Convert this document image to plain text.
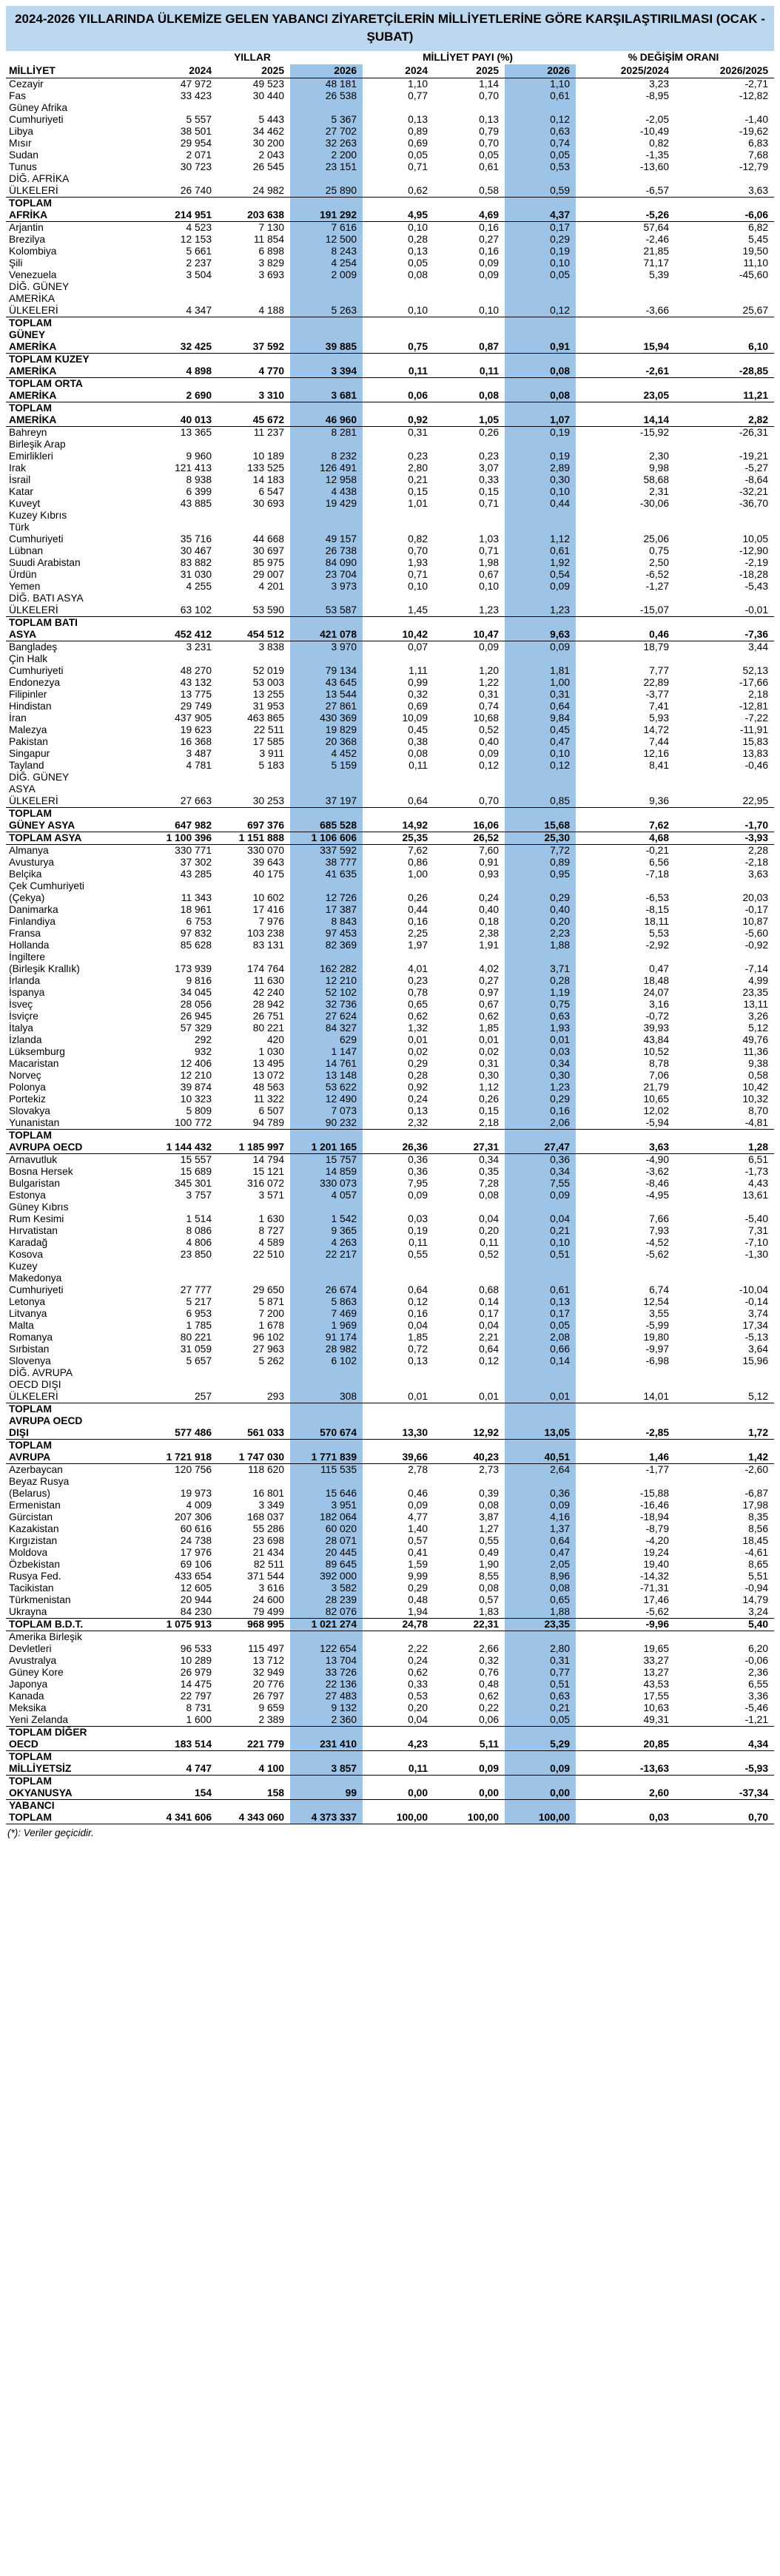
2024-2026 YILLARINDA ÜLKEMİZE GELEN YABANCI ZİYARETÇİLERİN MİLLİYETLERİNE GÖRE KARŞILAŞTIRILMASI (OCAK - ŞUBAT)
	YILLAR			MİLLİYET PAYI (%)			% DEĞİŞİM ORANI	
MİLLİYET	2024	2025	2026	2024	2025	2026	2025/2024	2026/2025
Cezayir	47 972	49 523	48 181	1,10	1,14	1,10	3,23	-2,71
Fas	33 423	30 440	26 538	0,77	0,70	0,61	-8,95	-12,82
Güney Afrika
Cumhuriyeti	5 557	5 443	5 367	0,13	0,13	0,12	-2,05	-1,40
Libya	38 501	34 462	27 702	0,89	0,79	0,63	-10,49	-19,62
Mısır	29 954	30 200	32 263	0,69	0,70	0,74	0,82	6,83
Sudan	2 071	2 043	2 200	0,05	0,05	0,05	-1,35	7,68
Tunus	30 723	26 545	23 151	0,71	0,61	0,53	-13,60	-12,79
DİĞ. AFRİKA
ÜLKELERİ	26 740	24 982	25 890	0,62	0,58	0,59	-6,57	3,63
TOPLAM
AFRİKA	214 951	203 638	191 292	4,95	4,69	4,37	-5,26	-6,06
Arjantin	4 523	7 130	7 616	0,10	0,16	0,17	57,64	6,82
Brezilya	12 153	11 854	12 500	0,28	0,27	0,29	-2,46	5,45
Kolombiya	5 661	6 898	8 243	0,13	0,16	0,19	21,85	19,50
Şili	2 237	3 829	4 254	0,05	0,09	0,10	71,17	11,10
Venezuela	3 504	3 693	2 009	0,08	0,09	0,05	5,39	-45,60
DİĞ. GÜNEY
AMERİKA
ÜLKELERİ	4 347	4 188	5 263	0,10	0,10	0,12	-3,66	25,67
TOPLAM
GÜNEY
AMERİKA	32 425	37 592	39 885	0,75	0,87	0,91	15,94	6,10
TOPLAM KUZEY
AMERİKA	4 898	4 770	3 394	0,11	0,11	0,08	-2,61	-28,85
TOPLAM ORTA
AMERİKA	2 690	3 310	3 681	0,06	0,08	0,08	23,05	11,21
TOPLAM
AMERİKA	40 013	45 672	46 960	0,92	1,05	1,07	14,14	2,82
Bahreyn	13 365	11 237	8 281	0,31	0,26	0,19	-15,92	-26,31
Birleşik Arap
Emirlikleri	9 960	10 189	8 232	0,23	0,23	0,19	2,30	-19,21
Irak	121 413	133 525	126 491	2,80	3,07	2,89	9,98	-5,27
İsrail	8 938	14 183	12 958	0,21	0,33	0,30	58,68	-8,64
Katar	6 399	6 547	4 438	0,15	0,15	0,10	2,31	-32,21
Kuveyt	43 885	30 693	19 429	1,01	0,71	0,44	-30,06	-36,70
Kuzey Kıbrıs
Türk
Cumhuriyeti	35 716	44 668	49 157	0,82	1,03	1,12	25,06	10,05
Lübnan	30 467	30 697	26 738	0,70	0,71	0,61	0,75	-12,90
Suudi Arabistan	83 882	85 975	84 090	1,93	1,98	1,92	2,50	-2,19
Ürdün	31 030	29 007	23 704	0,71	0,67	0,54	-6,52	-18,28
Yemen	4 255	4 201	3 973	0,10	0,10	0,09	-1,27	-5,43
DİĞ. BATI ASYA
ÜLKELERİ	63 102	53 590	53 587	1,45	1,23	1,23	-15,07	-0,01
TOPLAM BATI
ASYA	452 412	454 512	421 078	10,42	10,47	9,63	0,46	-7,36
Bangladeş	3 231	3 838	3 970	0,07	0,09	0,09	18,79	3,44
Çin Halk
Cumhuriyeti	48 270	52 019	79 134	1,11	1,20	1,81	7,77	52,13
Endonezya	43 132	53 003	43 645	0,99	1,22	1,00	22,89	-17,66
Filipinler	13 775	13 255	13 544	0,32	0,31	0,31	-3,77	2,18
Hindistan	29 749	31 953	27 861	0,69	0,74	0,64	7,41	-12,81
İran	437 905	463 865	430 369	10,09	10,68	9,84	5,93	-7,22
Malezya	19 623	22 511	19 829	0,45	0,52	0,45	14,72	-11,91
Pakistan	16 368	17 585	20 368	0,38	0,40	0,47	7,44	15,83
Singapur	3 487	3 911	4 452	0,08	0,09	0,10	12,16	13,83
Tayland	4 781	5 183	5 159	0,11	0,12	0,12	8,41	-0,46
DİĞ. GÜNEY
ASYA
ÜLKELERİ	27 663	30 253	37 197	0,64	0,70	0,85	9,36	22,95
TOPLAM
GÜNEY ASYA	647 982	697 376	685 528	14,92	16,06	15,68	7,62	-1,70
TOPLAM ASYA	1 100 396	1 151 888	1 106 606	25,35	26,52	25,30	4,68	-3,93
Almanya	330 771	330 070	337 592	7,62	7,60	7,72	-0,21	2,28
Avusturya	37 302	39 643	38 777	0,86	0,91	0,89	6,56	-2,18
Belçika	43 285	40 175	41 635	1,00	0,93	0,95	-7,18	3,63
Çek Cumhuriyeti
(Çekya)	11 343	10 602	12 726	0,26	0,24	0,29	-6,53	20,03
Danimarka	18 961	17 416	17 387	0,44	0,40	0,40	-8,15	-0,17
Finlandiya	6 753	7 976	8 843	0,16	0,18	0,20	18,11	10,87
Fransa	97 832	103 238	97 453	2,25	2,38	2,23	5,53	-5,60
Hollanda	85 628	83 131	82 369	1,97	1,91	1,88	-2,92	-0,92
İngiltere
(Birleşik Krallık)	173 939	174 764	162 282	4,01	4,02	3,71	0,47	-7,14
İrlanda	9 816	11 630	12 210	0,23	0,27	0,28	18,48	4,99
İspanya	34 045	42 240	52 102	0,78	0,97	1,19	24,07	23,35
İsveç	28 056	28 942	32 736	0,65	0,67	0,75	3,16	13,11
İsviçre	26 945	26 751	27 624	0,62	0,62	0,63	-0,72	3,26
İtalya	57 329	80 221	84 327	1,32	1,85	1,93	39,93	5,12
İzlanda	292	420	629	0,01	0,01	0,01	43,84	49,76
Lüksemburg	932	1 030	1 147	0,02	0,02	0,03	10,52	11,36
Macaristan	12 406	13 495	14 761	0,29	0,31	0,34	8,78	9,38
Norveç	12 210	13 072	13 148	0,28	0,30	0,30	7,06	0,58
Polonya	39 874	48 563	53 622	0,92	1,12	1,23	21,79	10,42
Portekiz	10 323	11 322	12 490	0,24	0,26	0,29	10,65	10,32
Slovakya	5 809	6 507	7 073	0,13	0,15	0,16	12,02	8,70
Yunanistan	100 772	94 789	90 232	2,32	2,18	2,06	-5,94	-4,81
TOPLAM
AVRUPA OECD	1 144 432	1 185 997	1 201 165	26,36	27,31	27,47	3,63	1,28
Arnavutluk	15 557	14 794	15 757	0,36	0,34	0,36	-4,90	6,51
Bosna Hersek	15 689	15 121	14 859	0,36	0,35	0,34	-3,62	-1,73
Bulgaristan	345 301	316 072	330 073	7,95	7,28	7,55	-8,46	4,43
Estonya	3 757	3 571	4 057	0,09	0,08	0,09	-4,95	13,61
Güney Kıbrıs
Rum Kesimi	1 514	1 630	1 542	0,03	0,04	0,04	7,66	-5,40
Hırvatistan	8 086	8 727	9 365	0,19	0,20	0,21	7,93	7,31
Karadağ	4 806	4 589	4 263	0,11	0,11	0,10	-4,52	-7,10
Kosova	23 850	22 510	22 217	0,55	0,52	0,51	-5,62	-1,30
Kuzey
Makedonya
Cumhuriyeti	27 777	29 650	26 674	0,64	0,68	0,61	6,74	-10,04
Letonya	5 217	5 871	5 863	0,12	0,14	0,13	12,54	-0,14
Litvanya	6 953	7 200	7 469	0,16	0,17	0,17	3,55	3,74
Malta	1 785	1 678	1 969	0,04	0,04	0,05	-5,99	17,34
Romanya	80 221	96 102	91 174	1,85	2,21	2,08	19,80	-5,13
Sırbistan	31 059	27 963	28 982	0,72	0,64	0,66	-9,97	3,64
Slovenya	5 657	5 262	6 102	0,13	0,12	0,14	-6,98	15,96
DİĞ. AVRUPA
OECD DIŞI
ÜLKELERİ	257	293	308	0,01	0,01	0,01	14,01	5,12
TOPLAM
AVRUPA OECD
DIŞI	577 486	561 033	570 674	13,30	12,92	13,05	-2,85	1,72
TOPLAM
AVRUPA	1 721 918	1 747 030	1 771 839	39,66	40,23	40,51	1,46	1,42
Azerbaycan	120 756	118 620	115 535	2,78	2,73	2,64	-1,77	-2,60
Beyaz Rusya
(Belarus)	19 973	16 801	15 646	0,46	0,39	0,36	-15,88	-6,87
Ermenistan	4 009	3 349	3 951	0,09	0,08	0,09	-16,46	17,98
Gürcistan	207 306	168 037	182 064	4,77	3,87	4,16	-18,94	8,35
Kazakistan	60 616	55 286	60 020	1,40	1,27	1,37	-8,79	8,56
Kırgızistan	24 738	23 698	28 071	0,57	0,55	0,64	-4,20	18,45
Moldova	17 976	21 434	20 445	0,41	0,49	0,47	19,24	-4,61
Özbekistan	69 106	82 511	89 645	1,59	1,90	2,05	19,40	8,65
Rusya Fed.	433 654	371 544	392 000	9,99	8,55	8,96	-14,32	5,51
Tacikistan	12 605	3 616	3 582	0,29	0,08	0,08	-71,31	-0,94
Türkmenistan	20 944	24 600	28 239	0,48	0,57	0,65	17,46	14,79
Ukrayna	84 230	79 499	82 076	1,94	1,83	1,88	-5,62	3,24
TOPLAM B.D.T.	1 075 913	968 995	1 021 274	24,78	22,31	23,35	-9,96	5,40
Amerika Birleşik
Devletleri	96 533	115 497	122 654	2,22	2,66	2,80	19,65	6,20
Avustralya	10 289	13 712	13 704	0,24	0,32	0,31	33,27	-0,06
Güney Kore	26 979	32 949	33 726	0,62	0,76	0,77	13,27	2,36
Japonya	14 475	20 776	22 136	0,33	0,48	0,51	43,53	6,55
Kanada	22 797	26 797	27 483	0,53	0,62	0,63	17,55	3,36
Meksika	8 731	9 659	9 132	0,20	0,22	0,21	10,63	-5,46
Yeni Zelanda	1 600	2 389	2 360	0,04	0,06	0,05	49,31	-1,21
TOPLAM DİĞER
OECD	183 514	221 779	231 410	4,23	5,11	5,29	20,85	4,34
TOPLAM
MİLLİYETSİZ	4 747	4 100	3 857	0,11	0,09	0,09	-13,63	-5,93
TOPLAM
OKYANUSYA	154	158	99	0,00	0,00	0,00	2,60	-37,34
YABANCI
TOPLAM	4 341 606	4 343 060	4 373 337	100,00	100,00	100,00	0,03	0,70
(*): Veriler geçicidir.
